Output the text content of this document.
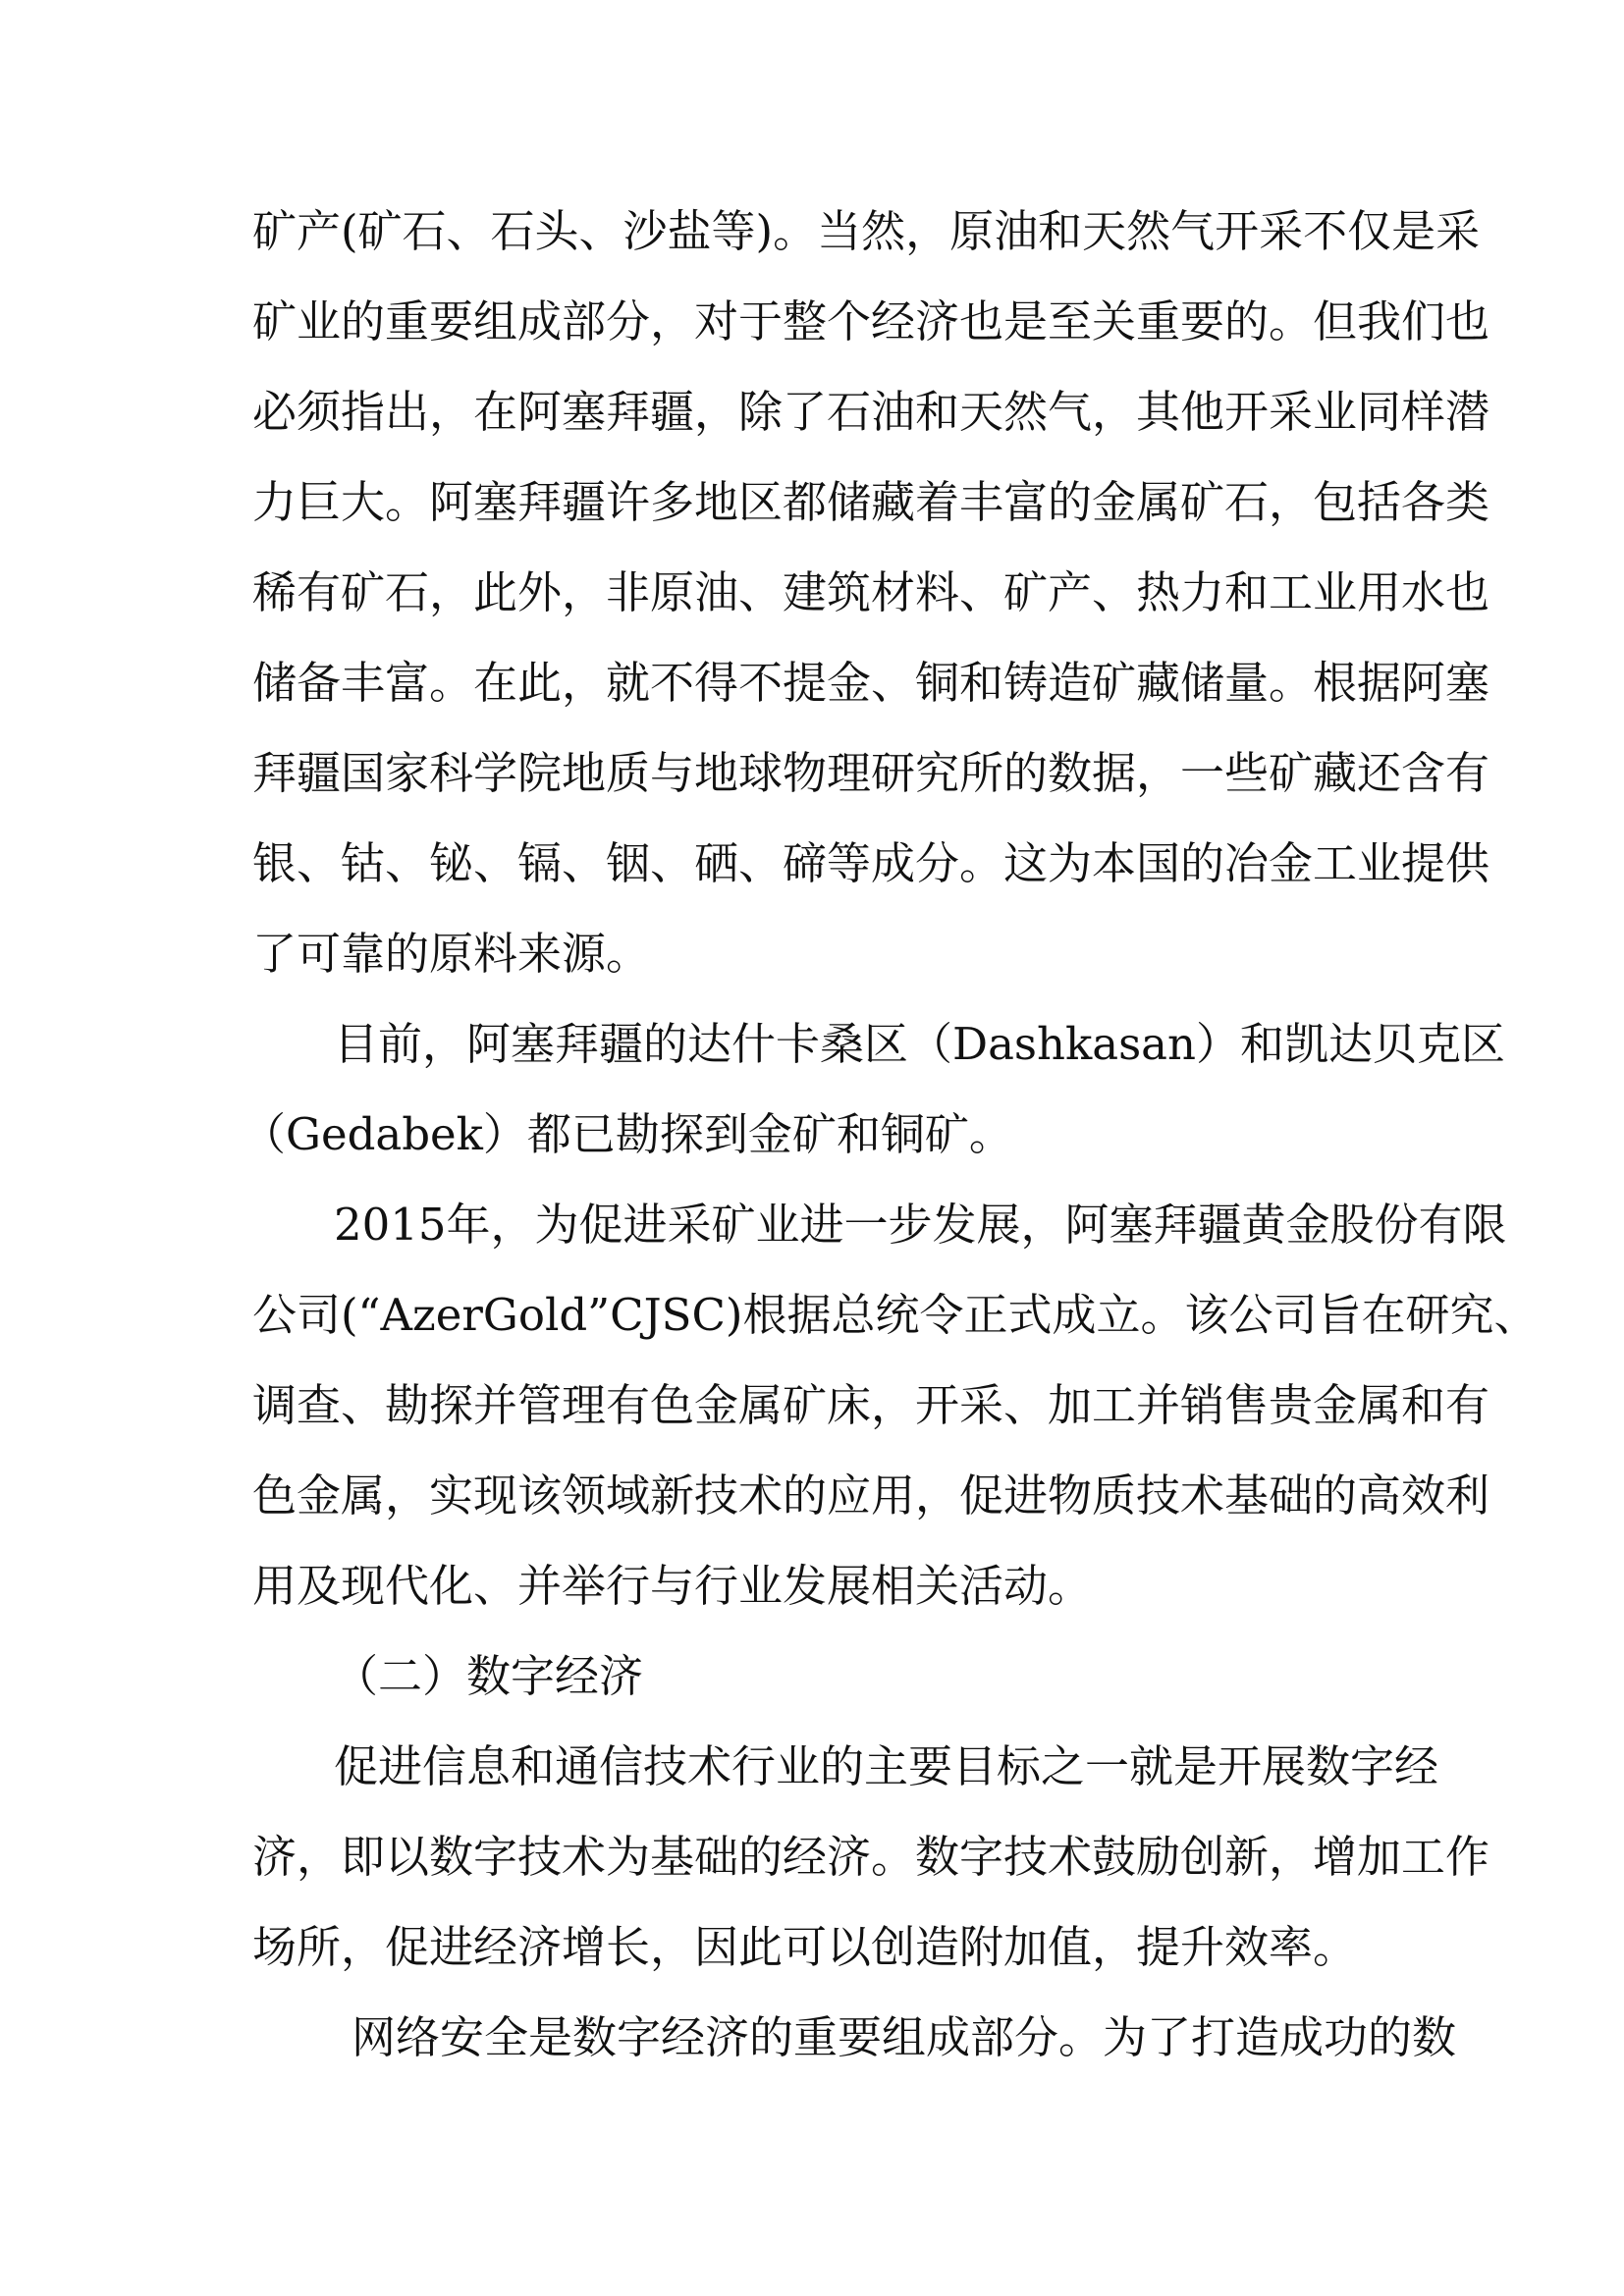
矿产(矿石、石头、沙盐等)。当然，原油和天然气开采不仅是采
矿业的重要组成部分，对于整个经济也是至关重要的。但我们也
必须指出，在阿塞拜疆，除了石油和天然气，其他开采业同样潜
力巨大。阿塞拜疆许多地区都储藏着丰富的金属矿石，包括各类
稀有矿石，此外，非原油、建筑材料、矿产、热力和工业用水也
储备丰富。在此，就不得不提金、铜和铸造矿藏储量。根据阿塞
拜疆国家科学院地质与地球物理研究所的数据，一些矿藏还含有
银、钴、铋、镉、铟、硒、碲等成分。这为本国的冶金工业提供
了可靠的原料来源。
目前，阿塞拜疆的达什卡桑区（Dashkasan）和凯达贝克区
（Gedabek）都已勘探到金矿和铜矿。
2015年，为促进采矿业进一步发展，阿塞拜疆黄金股份有限
公司(“AzerGold”CJSC)根据总统令正式成立。该公司旨在研究、
调查、勘探并管理有色金属矿床，开采、加工并销售贵金属和有
色金属，实现该领域新技术的应用，促进物质技术基础的高效利
用及现代化、并举行与行业发展相关活动。
（二）数字经济
促进信息和通信技术行业的主要目标之一就是开展数字经
济，即以数字技术为基础的经济。数字技术鼓励创新，增加工作
场所，促进经济增长，因此可以创造附加值，提升效率。
网络安全是数字经济的重要组成部分。为了打造成功的数
